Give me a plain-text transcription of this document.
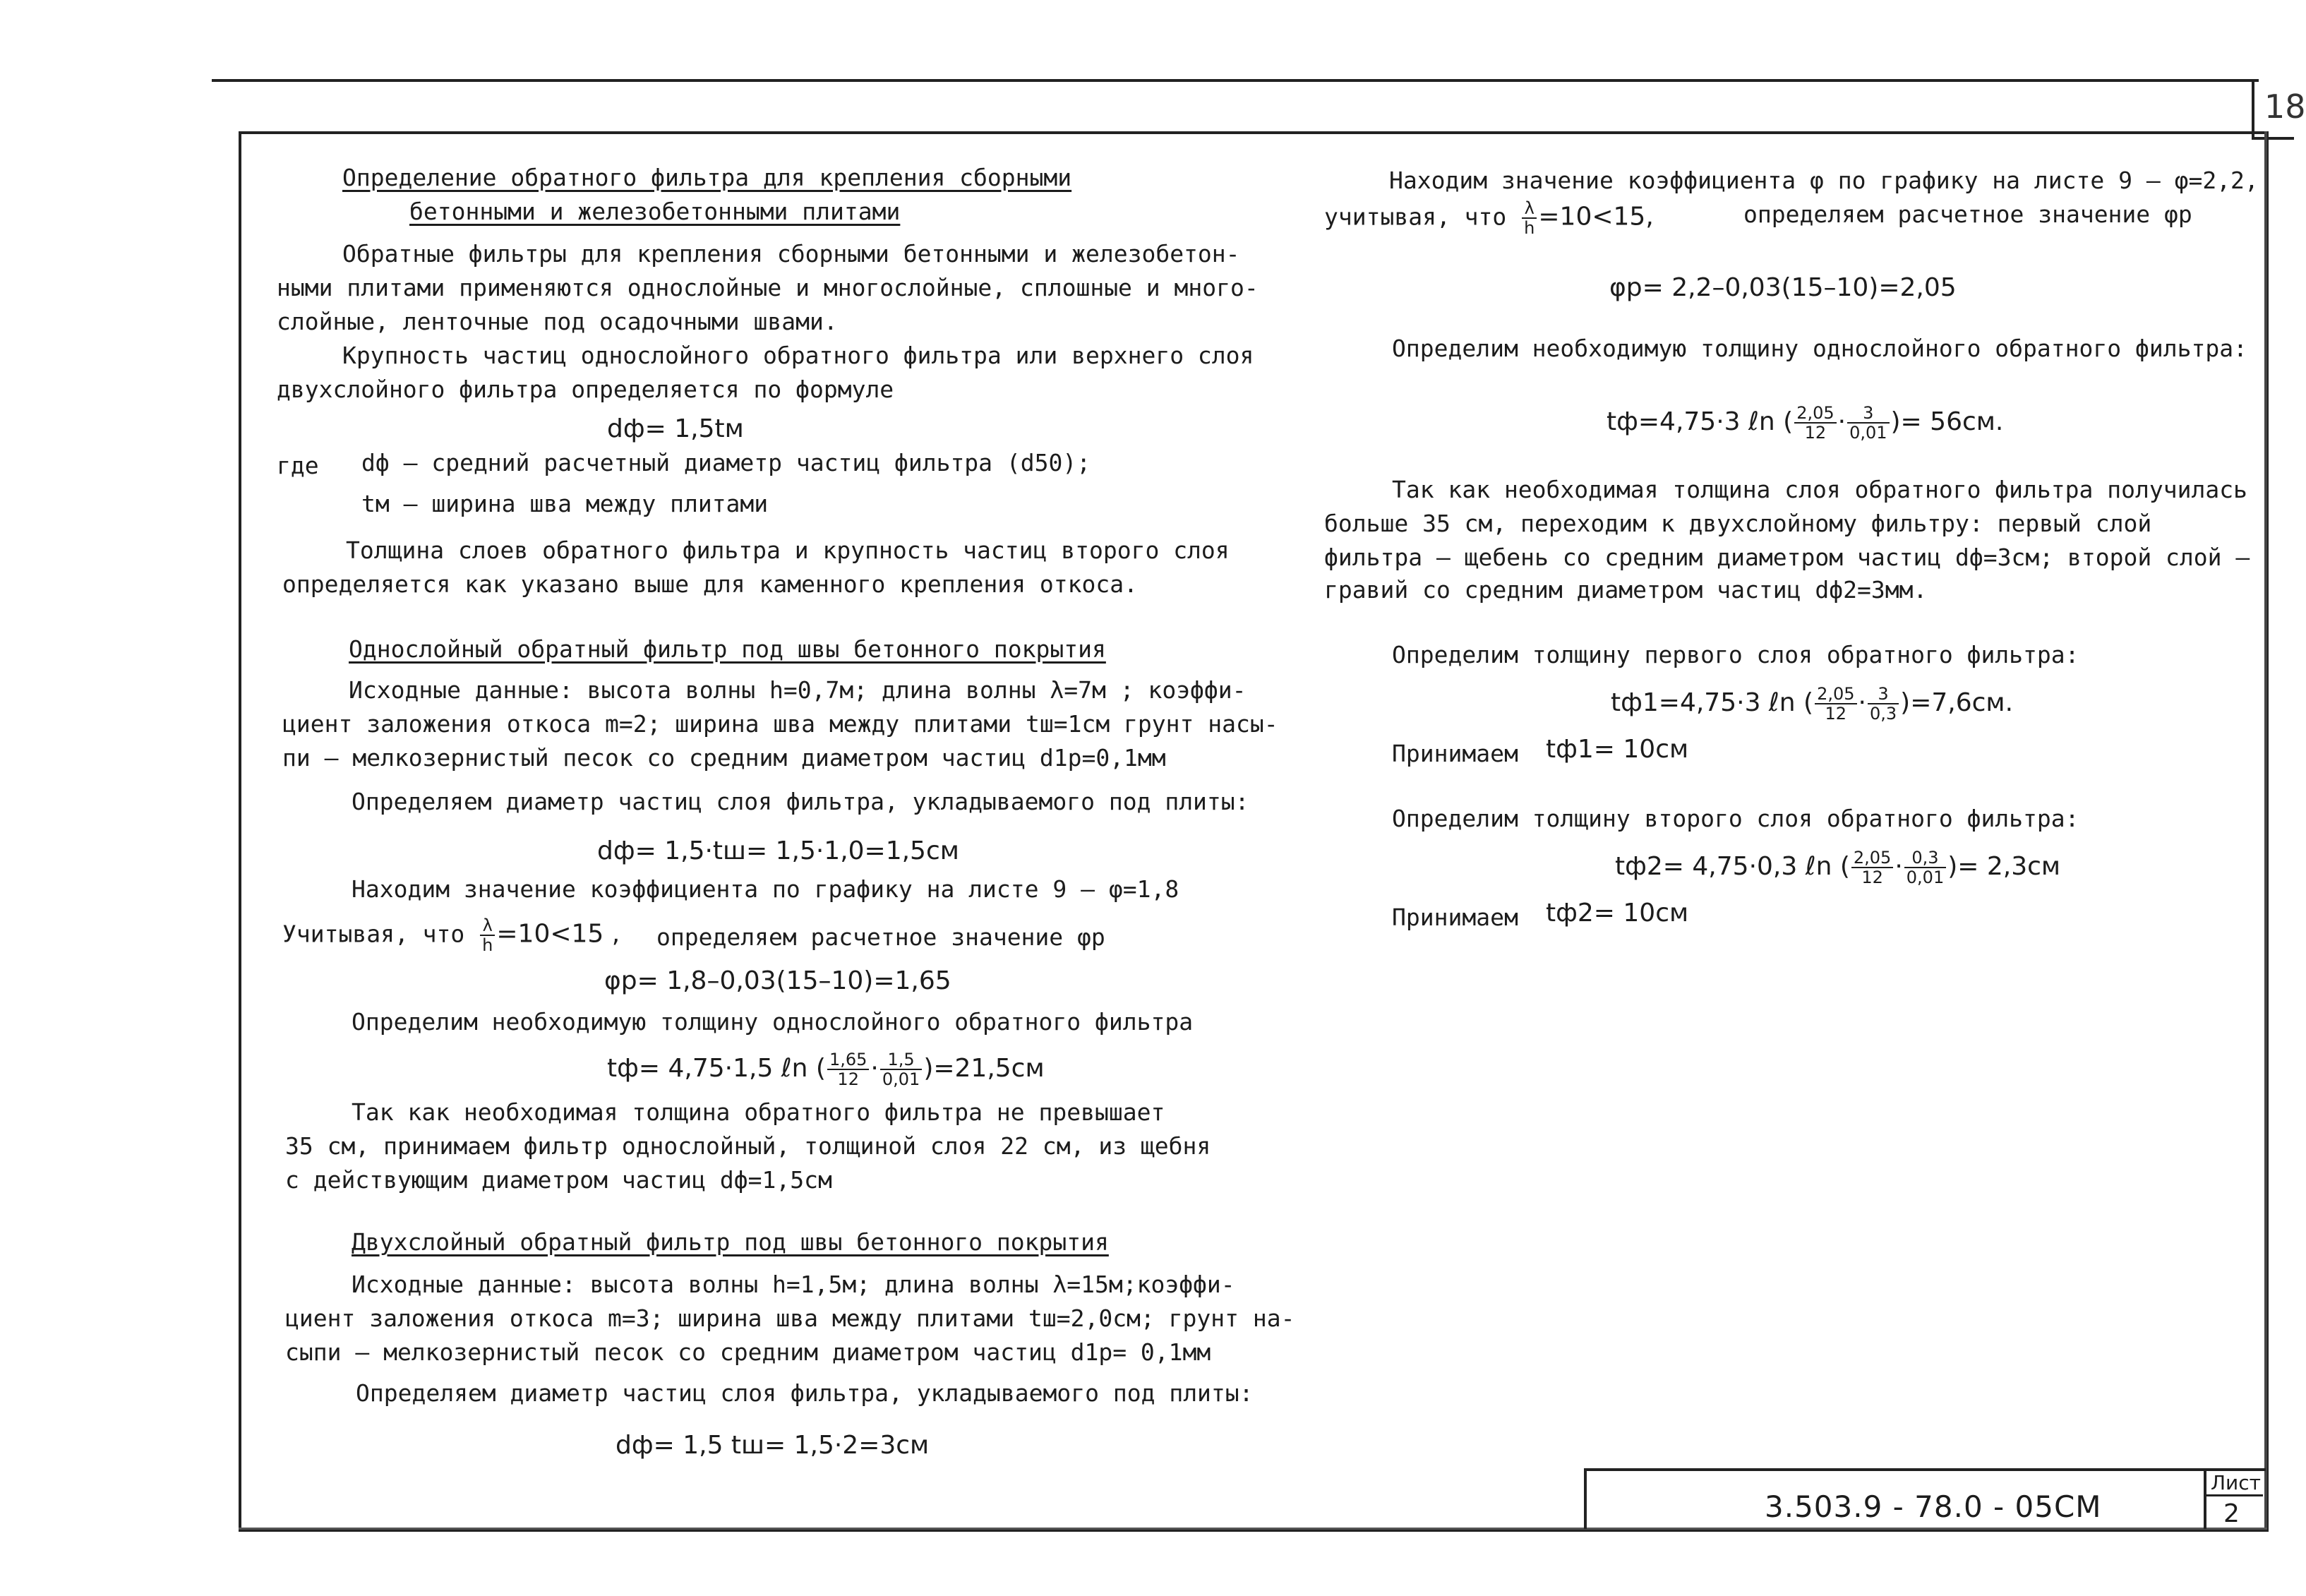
18
3.503.9 - 78.0 - 05СМ
Лист
2
Определение обратного фильтра для крепления сборными
бетонными и железобетонными плитами
Обратные фильтры для крепления сборными бетонными и железобетон-
ными плитами применяются однослойные и многослойные, сплошные и много-
слойные, ленточные под осадочными швами.
Крупность частиц однослойного обратного фильтра или верхнего слоя
двухслойного фильтра определяется по формуле
dф= 1,5tм
где dф – средний расчетный диаметр частиц фильтра (d50);
tм – ширина шва между плитами
Толщина слоев обратного фильтра и крупность частиц второго слоя
определяется как указано выше для каменного крепления откоса.
Однослойный обратный фильтр под швы бетонного покрытия
Исходные данные: высота волны h=0,7м; длина волны λ=7м ; коэффи-
циент заложения откоса m=2; ширина шва между плитами tш=1см грунт насы-
пи – мелкозернистый песок со средним диаметром частиц d1р=0,1мм
Определяем диаметр частиц слоя фильтра, укладываемого под плиты:
dф= 1,5·tш= 1,5·1,0=1,5см
Находим значение коэффициента по графику на листе 9 – φ=1,8
Учитывая, что $\frac{\lambda}{h} =10<15$ , определяем расчетное значение φр
φр= 1,8–0,03(15–10)=1,65
Определим необходимую толщину однослойного обратного фильтра
tф= 4,75·1,5 ℓn ( $\frac{1,65}{12} \cdot \frac{1,5}{0,01} )=21,5см$
Так как необходимая толщина обратного фильтра не превышает
35 см, принимаем фильтр однослойный, толщиной слоя 22 см, из щебня
с действующим диаметром частиц dф=1,5см
Двухслойный обратный фильтр под швы бетонного покрытия
Исходные данные: высота волны h=1,5м; длина волны λ=15м;коэффи-
циент заложения откоса m=3; ширина шва между плитами tш=2,0см; грунт на-
сыпи – мелкозернистый песок со средним диаметром частиц d1р= 0,1мм
Определяем диаметр частиц слоя фильтра, укладываемого под плиты:
dф= 1,5 tш= 1,5·2=3см
Находим значение коэффициента φ по графику на листе 9 – φ=2,2,
учитывая, что $\frac{\lambda}{h} =10<15$,	определяем расчетное значение φр
φр= 2,2–0,03(15–10)=2,05
Определим необходимую толщину однослойного обратного фильтра:
tф=4,75·3 ℓn ( $\frac{2,05}{12} \cdot \frac{3}{0,01}$ )= 56см.
Так как необходимая толщина слоя обратного фильтра получилась
больше 35 см, переходим к двухслойному фильтру: первый слой
фильтра – щебень со средним диаметром частиц dф=3см; второй слой –
гравий со средним диаметром частиц dф2=3мм.
Определим толщину первого слоя обратного фильтра:
tф1=4,75·3 ℓn ( $\frac{2,05}{12} \cdot \frac{3}{0,3} )=7,6см$.
Принимаем tф1= 10см
Определим толщину второго слоя обратного фильтра:
tф2= 4,75·0,3 ℓn ( $\frac{2,05}{12} \cdot \frac{0,3}{0,01}$ )= 2,3см
Принимаем tф2= 10см
